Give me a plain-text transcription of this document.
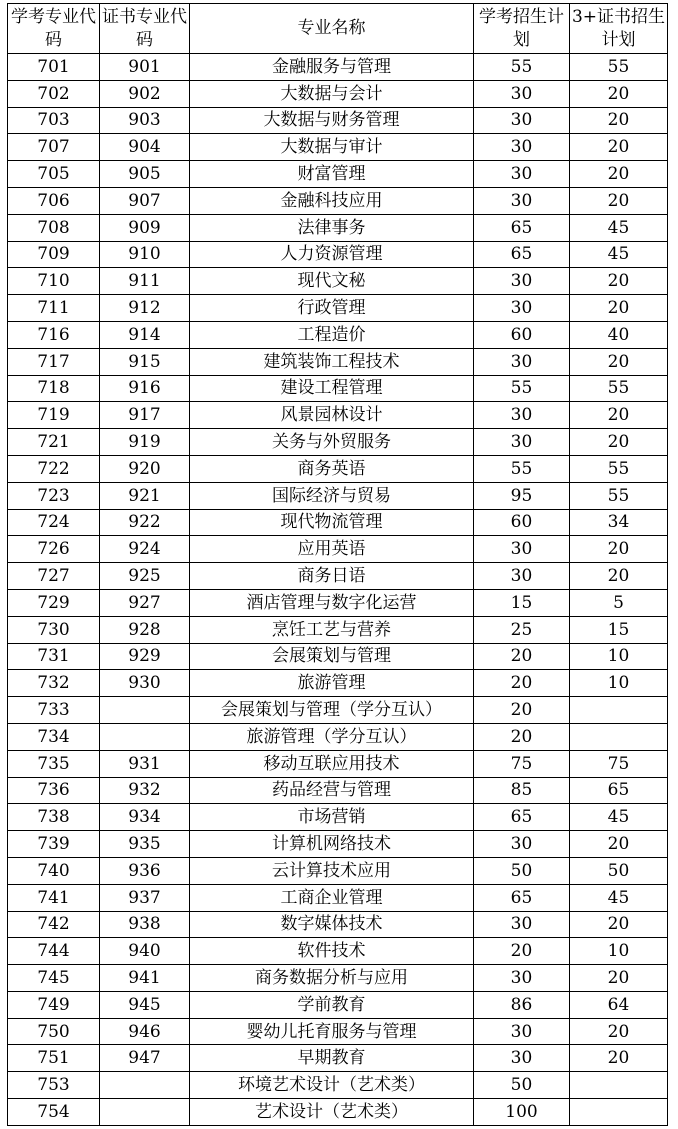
学考专业代码	证书专业代码	专业名称	学考招生计划	3+证书招生计划
701	901	金融服务与管理	55	55
702	902	大数据与会计	30	20
703	903	大数据与财务管理	30	20
707	904	大数据与审计	30	20
705	905	财富管理	30	20
706	907	金融科技应用	30	20
708	909	法律事务	65	45
709	910	人力资源管理	65	45
710	911	现代文秘	30	20
711	912	行政管理	30	20
716	914	工程造价	60	40
717	915	建筑装饰工程技术	30	20
718	916	建设工程管理	55	55
719	917	风景园林设计	30	20
721	919	关务与外贸服务	30	20
722	920	商务英语	55	55
723	921	国际经济与贸易	95	55
724	922	现代物流管理	60	34
726	924	应用英语	30	20
727	925	商务日语	30	20
729	927	酒店管理与数字化运营	15	5
730	928	烹饪工艺与营养	25	15
731	929	会展策划与管理	20	10
732	930	旅游管理	20	10
733		会展策划与管理（学分互认）	20	
734		旅游管理（学分互认）	20	
735	931	移动互联应用技术	75	75
736	932	药品经营与管理	85	65
738	934	市场营销	65	45
739	935	计算机网络技术	30	20
740	936	云计算技术应用	50	50
741	937	工商企业管理	65	45
742	938	数字媒体技术	30	20
744	940	软件技术	20	10
745	941	商务数据分析与应用	30	20
749	945	学前教育	86	64
750	946	婴幼儿托育服务与管理	30	20
751	947	早期教育	30	20
753		环境艺术设计（艺术类）	50	
754		艺术设计（艺术类）	100	
